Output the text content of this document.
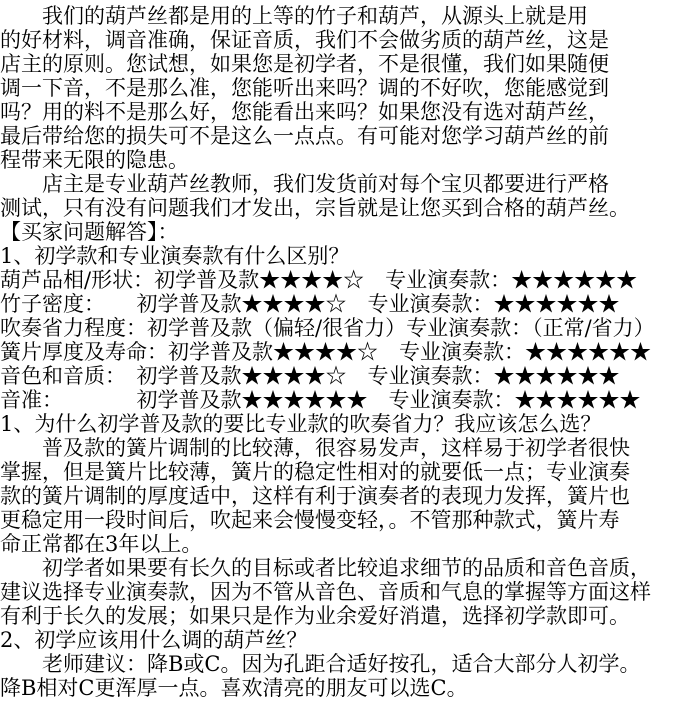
　　我们的葫芦丝都是用的上等的竹子和葫芦，从源头上就是用
的好材料，调音准确，保证音质，我们不会做劣质的葫芦丝，这是
店主的原则。您试想，如果您是初学者，不是很懂，我们如果随便
调一下音，不是那么准，您能听出来吗？调的不好吹，您能感觉到
吗？用的料不是那么好，您能看出来吗？如果您没有选对葫芦丝，
最后带给您的损失可不是这么一点点。有可能对您学习葫芦丝的前
程带来无限的隐患。
　　店主是专业葫芦丝教师，我们发货前对每个宝贝都要进行严格
测试，只有没有问题我们才发出，宗旨就是让您买到合格的葫芦丝。
【买家问题解答】：
1、初学款和专业演奏款有什么区别？
葫芦品相/形状：初学普及款★★★★☆　专业演奏款：★★★★★★
竹子密度：　　初学普及款★★★★☆　专业演奏款：★★★★★★
吹奏省力程度：初学普及款（偏轻/很省力）专业演奏款：（正常/省力）
簧片厚度及寿命：初学普及款★★★★☆　专业演奏款：★★★★★★
音色和音质：　初学普及款★★★★☆　专业演奏款：★★★★★★
音准：　　　　初学普及款★★★★★★　专业演奏款：★★★★★★
1、为什么初学普及款的要比专业款的吹奏省力？我应该怎么选？
　　普及款的簧片调制的比较薄，很容易发声，这样易于初学者很快
掌握，但是簧片比较薄，簧片的稳定性相对的就要低一点；专业演奏
款的簧片调制的厚度适中，这样有利于演奏者的表现力发挥，簧片也
更稳定用一段时间后，吹起来会慢慢变轻，。不管那种款式，簧片寿
命正常都在3年以上。
　　初学者如果要有长久的目标或者比较追求细节的品质和音色音质，
建议选择专业演奏款，因为不管从音色、音质和气息的掌握等方面这样
有利于长久的发展；如果只是作为业余爱好消遣，选择初学款即可。
2、初学应该用什么调的葫芦丝？
　　老师建议：降B或C。因为孔距合适好按孔，适合大部分人初学。
降B相对C更浑厚一点。喜欢清亮的朋友可以选C。
